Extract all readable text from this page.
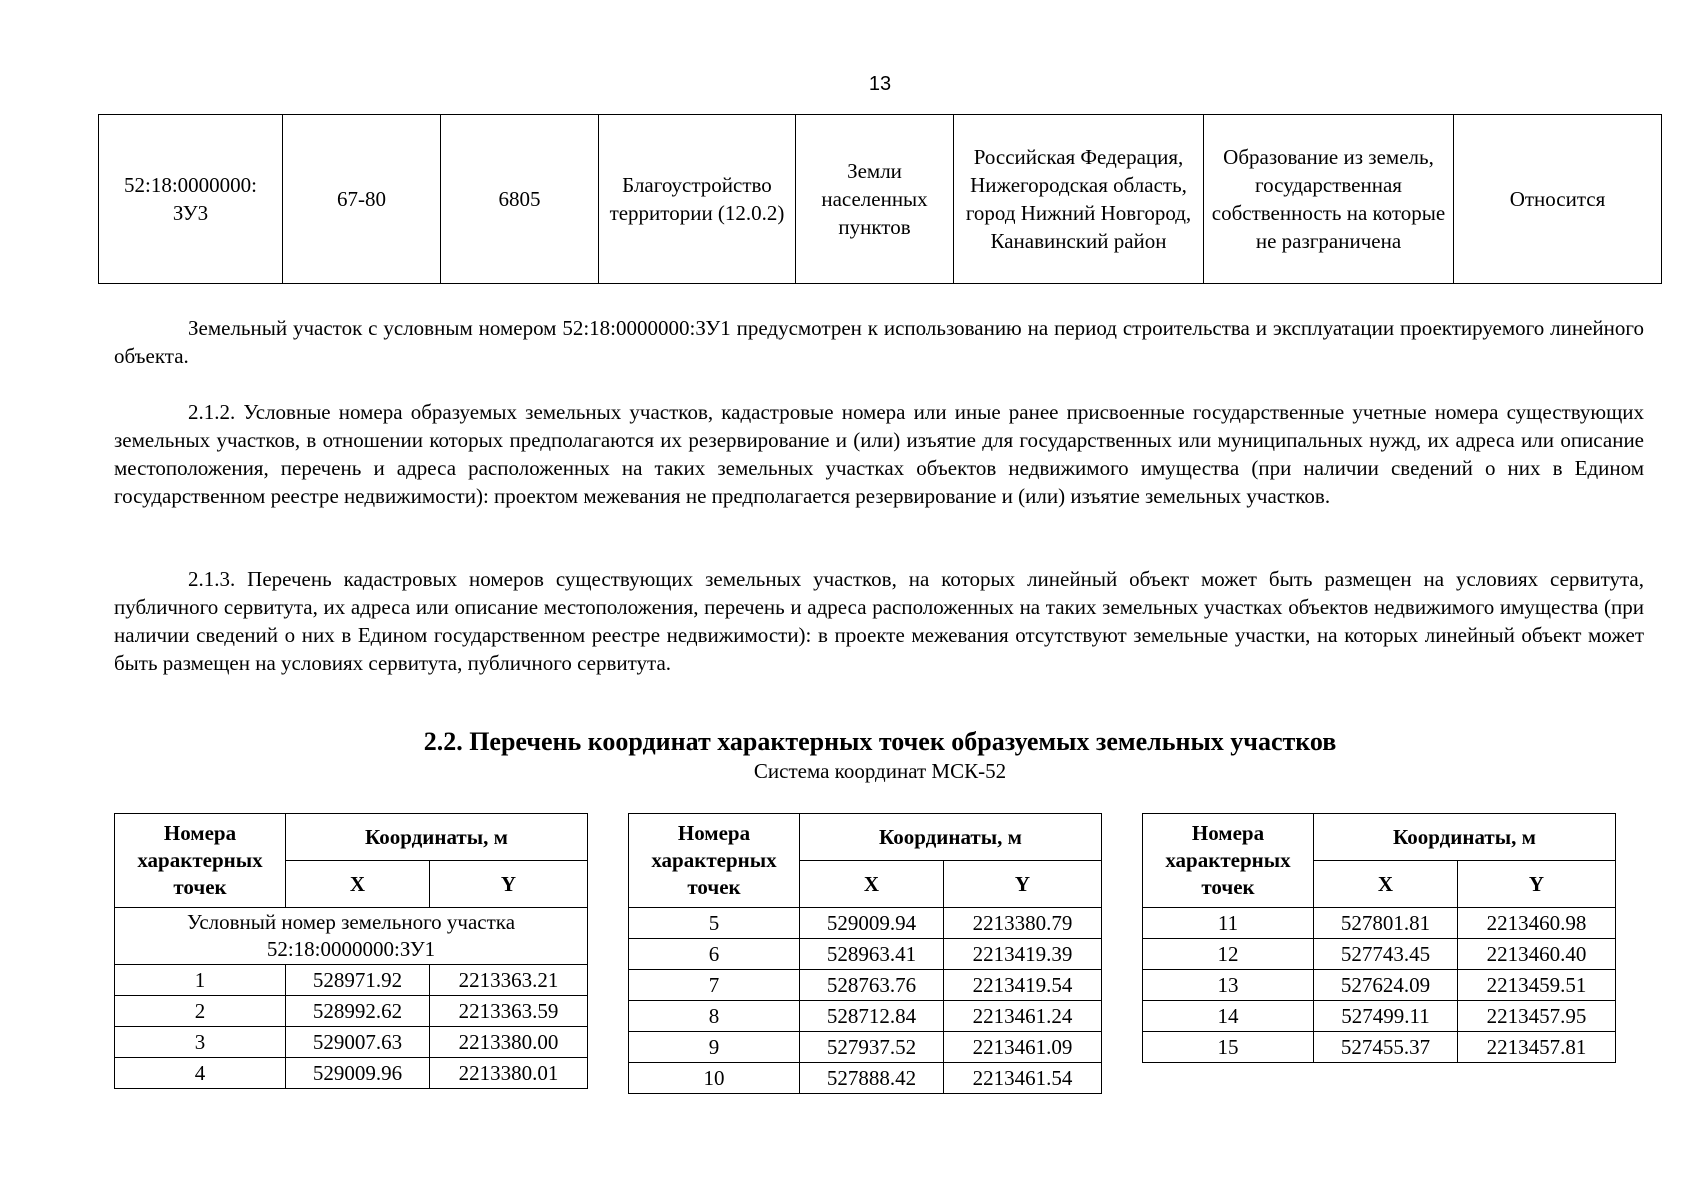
13
52:18:0000000: ЗУ3	67-80	6805	Благоустройство территории (12.0.2)	Земли населенных пунктов	Российская Федерация, Нижегородская область, город Нижний Новгород, Канавинский район	Образование из земель, государственная собственность на которые не разграничена	Относится

Земельный участок с условным номером 52:18:0000000:ЗУ1 предусмотрен к использованию на период строительства и эксплуатации проектируемого линейного объекта.

2.1.2. Условные номера образуемых земельных участков, кадастровые номера или иные ранее присвоенные государственные учетные номера существующих земельных участков, в отношении которых предполагаются их резервирование и (или) изъятие для государственных или муниципальных нужд, их адреса или описание местоположения, перечень и адреса расположенных на таких земельных участках объектов недвижимого имущества (при наличии сведений о них в Едином государственном реестре недвижимости): проектом межевания не предполагается резервирование и (или) изъятие земельных участков.

2.1.3. Перечень кадастровых номеров существующих земельных участков, на которых линейный объект может быть размещен на условиях сервитута, публичного сервитута, их адреса или описание местоположения, перечень и адреса расположенных на таких земельных участках объектов недвижимого имущества (при наличии сведений о них в Едином государственном реестре недвижимости): в проекте межевания отсутствуют земельные участки, на которых линейный объект может быть размещен на условиях сервитута, публичного сервитута.

2.2. Перечень координат характерных точек образуемых земельных участков

Система координат МСК-52

Номера характерных точек	Координаты, м	
	X	Y
Условный номер земельного участка 52:18:0000000:ЗУ1		
1	528971.92	2213363.21
2	528992.62	2213363.59
3	529007.63	2213380.00
4	529009.96	2213380.01
Номера характерных точек	Координаты, м	
	X	Y
5	529009.94	2213380.79
6	528963.41	2213419.39
7	528763.76	2213419.54
8	528712.84	2213461.24
9	527937.52	2213461.09
10	527888.42	2213461.54
Номера характерных точек	Координаты, м	
	X	Y
11	527801.81	2213460.98
12	527743.45	2213460.40
13	527624.09	2213459.51
14	527499.11	2213457.95
15	527455.37	2213457.81
